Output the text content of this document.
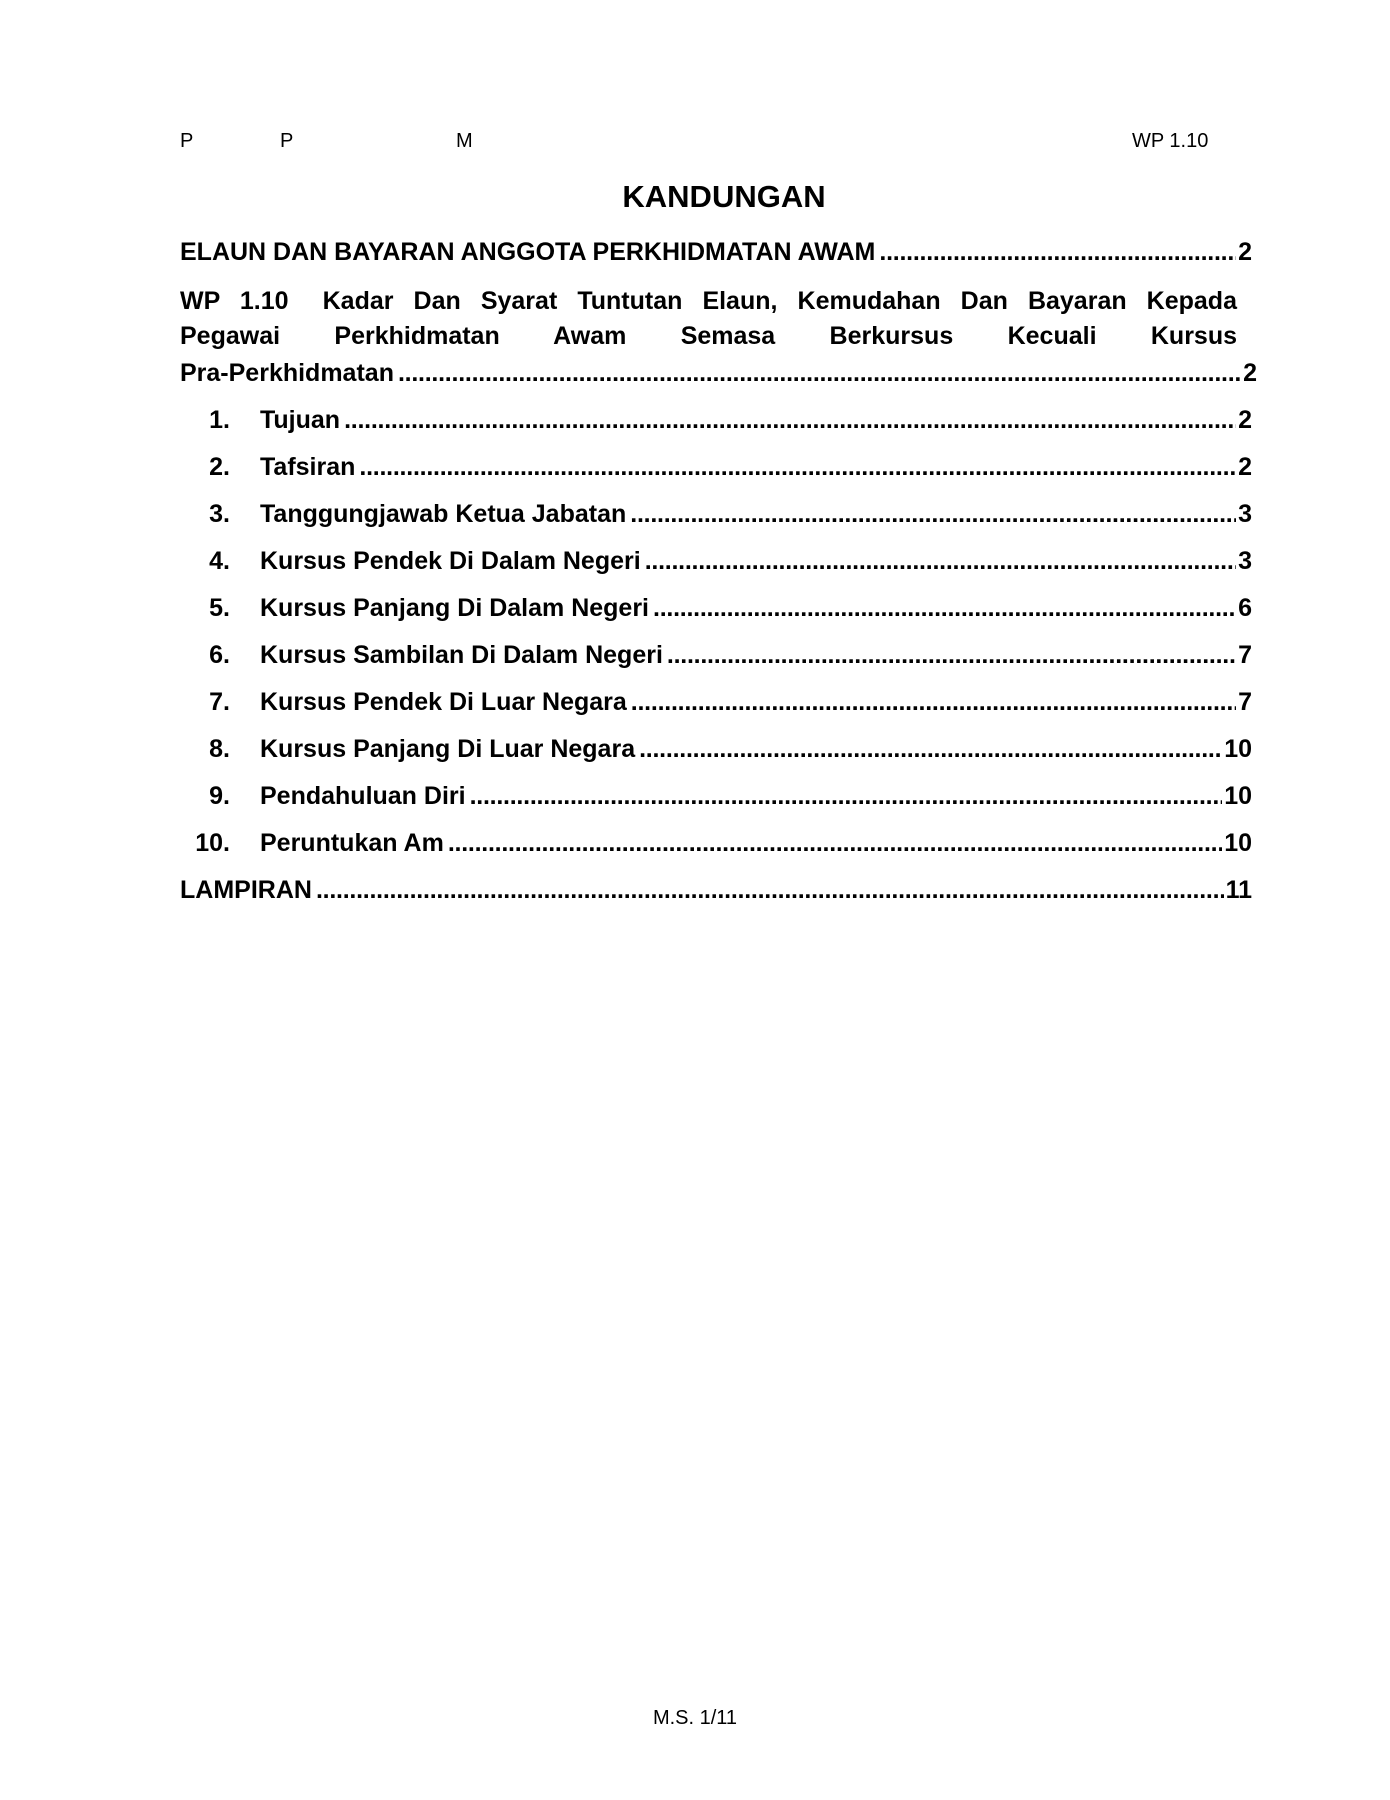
P	P	M	WP 1.10
KANDUNGAN
ELAUN DAN BAYARAN ANGGOTA PERKHIDMATAN AWAM . . .	2
WP 1.10 Kadar Dan Syarat Tuntutan Elaun, Kemudahan Dan Bayaran Kepada
Pegawai Perkhidmatan Awam Semasa Berkursus Kecuali Kursus
Pra-Perkhidmatan . . .	2
1. Tujuan . . .	2
2. Tafsiran . . .	2
3. Tanggungjawab Ketua Jabatan . . .	3
4. Kursus Pendek Di Dalam Negeri . . .	3
5. Kursus Panjang Di Dalam Negeri . . .	6
6. Kursus Sambilan Di Dalam Negeri . . .	7
7. Kursus Pendek Di Luar Negara . . .	7
8. Kursus Panjang Di Luar Negara . . .	10
9. Pendahuluan Diri . . .	10
10. Peruntukan Am . . .	10
LAMPIRAN . . .	11
M.S. 1/11
